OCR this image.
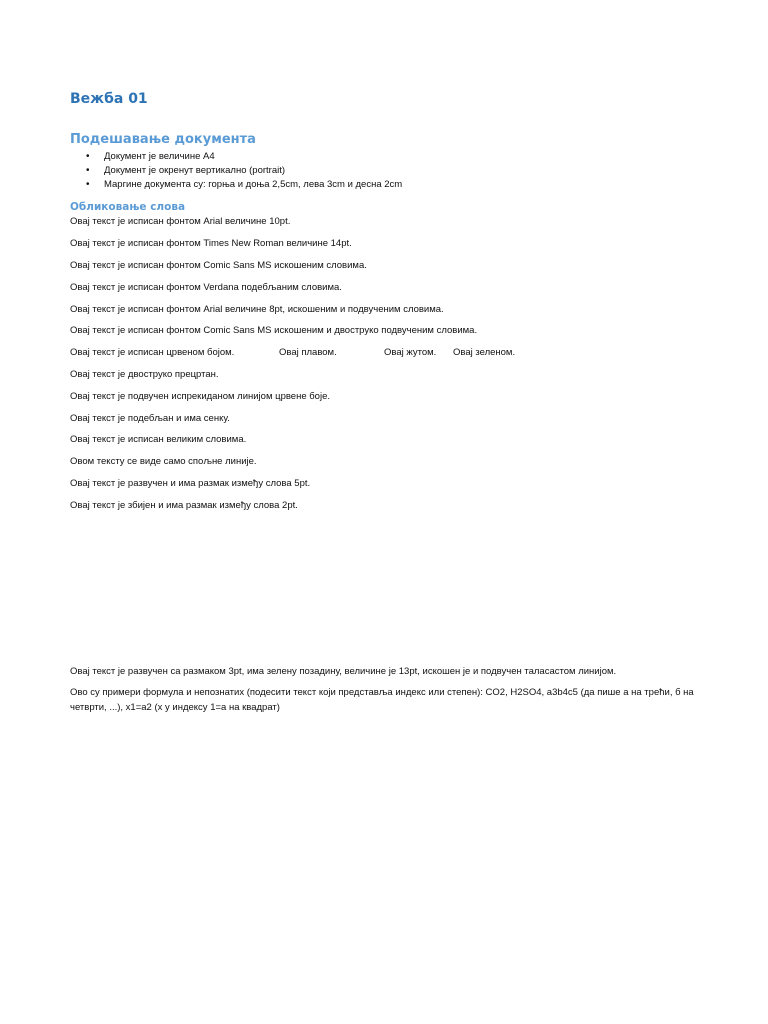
Вежба 01
Подешавање документа
• Документ је величине А4
• Документ је окренут вертикално (portrait)
• Маргине документа су: горња и доња 2,5cm, лева 3cm и десна 2cm
Обликовање слова
Овај текст је исписан фонтом Arial величине 10pt.
Овај текст је исписан фонтом Times New Roman величине 14pt.
Овај текст је исписан фонтом Comic Sans MS искошеним словима.
Овај текст је исписан фонтом Verdana подебљаним словима.
Овај текст је исписан фонтом Arial величине 8pt, искошеним и подвученим словима.
Овај текст је исписан фонтом Comic Sans MS искошеним и двоструко подвученим словима.
Овај текст је исписан црвеном бојом.	Овај плавом.	Овај жутом. Овај зеленом.
Овај текст је двоструко прецртан.
Овај текст је подвучен испрекиданом линијом црвене боје.
Овај текст је подебљан и има сенку.
Овај текст је исписан великим словима.
Овом тексту се виде само спољне линије.
Овај текст је развучен и има размак између слова 5pt.
Овај текст је збијен и има размак између слова 2pt.
Овај текст је развучен са размаком 3pt, има зелену позадину, величине је 13pt, искошен је и подвучен таласастом линијом.
Ово су примери формула и непознатих (подесити текст који представља индекс или степен): CO2, H2SO4, a3b4c5 (да пише а на трећи, б на четврти, ...), x1=a2 (х у индексу 1=а на квадрат)
